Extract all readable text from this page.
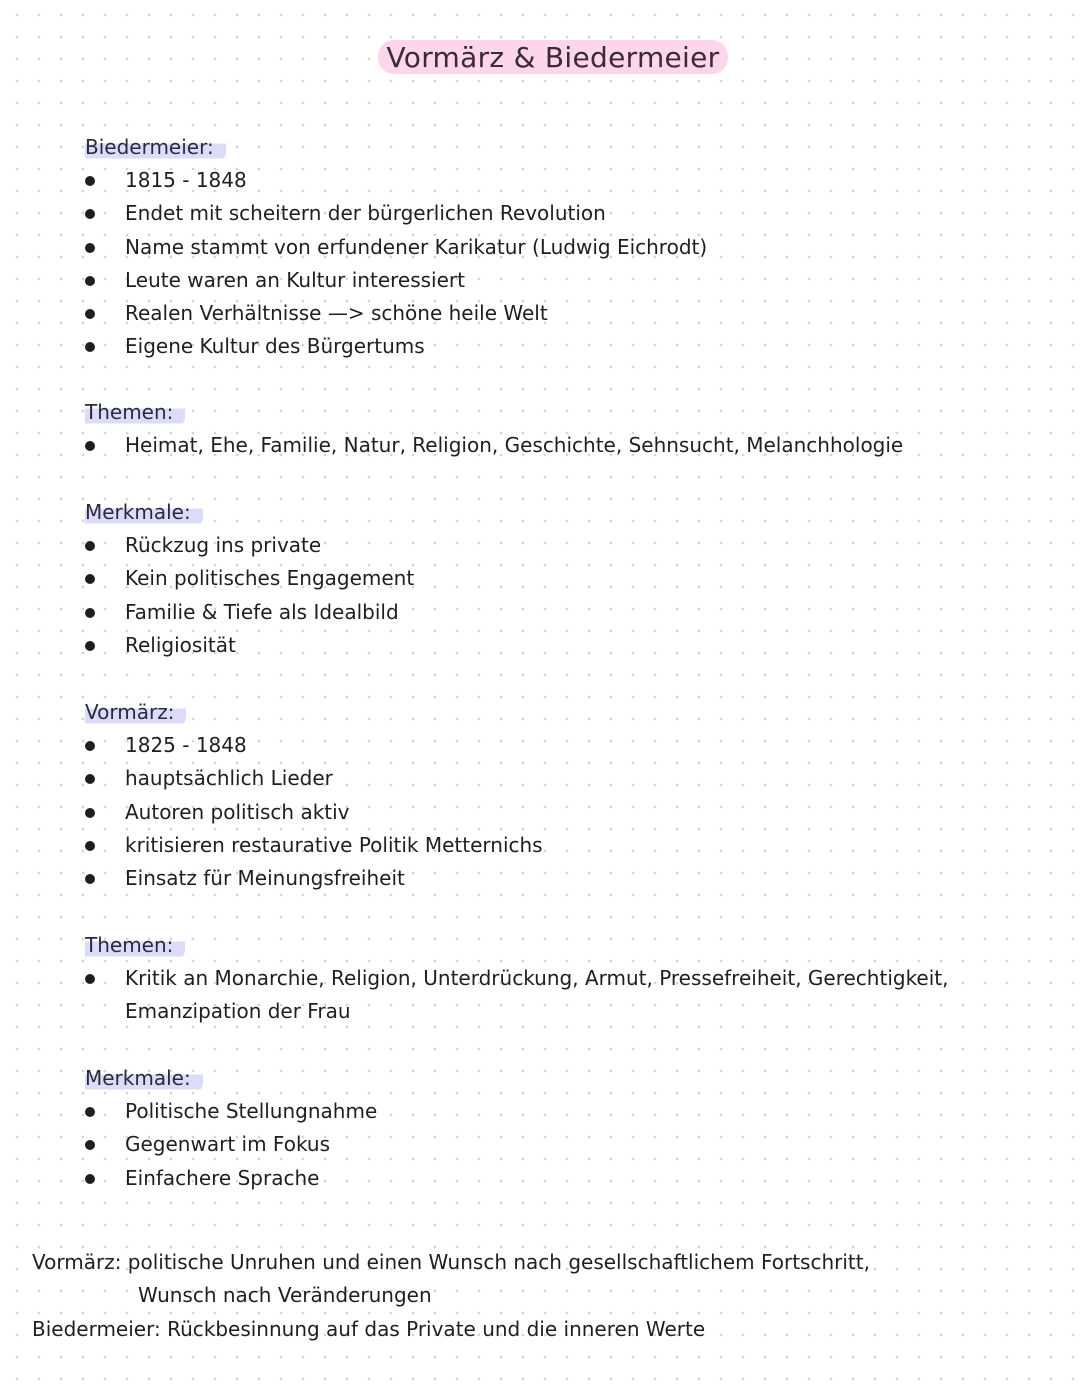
Vormärz & Biedermeier
Biedermeier:
1815 - 1848
Endet mit scheitern der bürgerlichen Revolution
Name stammt von erfundener Karikatur (Ludwig Eichrodt)
Leute waren an Kultur interessiert
Realen Verhältnisse —> schöne heile Welt
Eigene Kultur des Bürgertums
Themen:
Heimat, Ehe, Familie, Natur, Religion, Geschichte, Sehnsucht, Melanchhologie
Merkmale:
Rückzug ins private
Kein politisches Engagement
Familie & Tiefe als Idealbild
Religiosität
Vormärz:
1825 - 1848
hauptsächlich Lieder
Autoren politisch aktiv
kritisieren restaurative Politik Metternichs
Einsatz für Meinungsfreiheit
Themen:
Kritik an Monarchie, Religion, Unterdrückung, Armut, Pressefreiheit, Gerechtigkeit, Emanzipation der Frau
Merkmale:
Politische Stellungnahme
Gegenwart im Fokus
Einfachere Sprache
Vormärz: politische Unruhen und einen Wunsch nach gesellschaftlichem Fortschritt,
Wunsch nach Veränderungen
Biedermeier: Rückbesinnung auf das Private und die inneren Werte
